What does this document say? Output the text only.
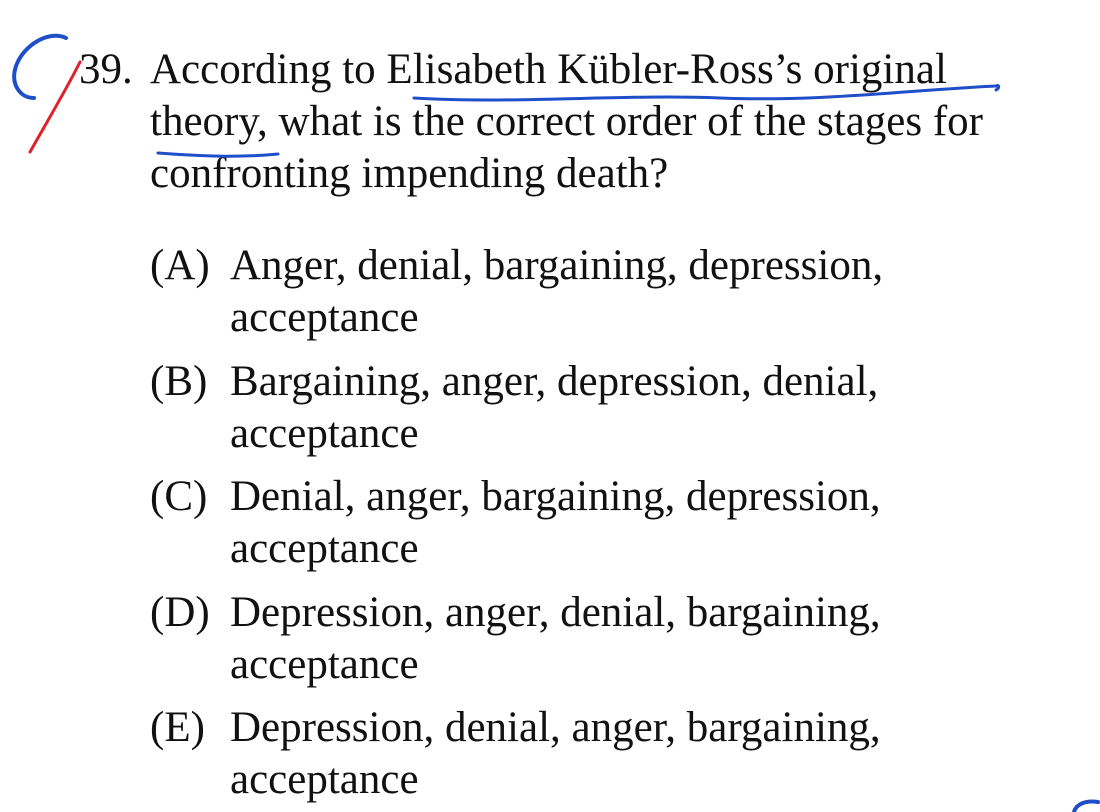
39. According to Elisabeth Kübler-Ross’s original
theory, what is the correct order of the stages for
confronting impending death?
(A) Anger, denial, bargaining, depression,
acceptance
(B) Bargaining, anger, depression, denial,
acceptance
(C) Denial, anger, bargaining, depression,
acceptance
(D) Depression, anger, denial, bargaining,
acceptance
(E) Depression, denial, anger, bargaining,
acceptance
